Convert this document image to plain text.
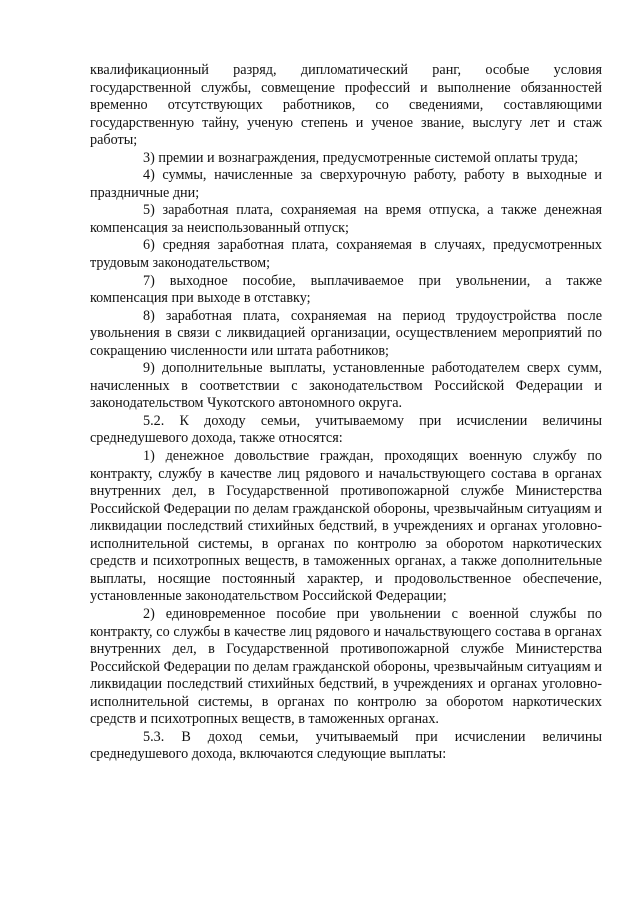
квалификационный разряд, дипломатический ранг, особые условия государственной службы, совмещение профессий и выполнение обязанностей временно отсутствующих работников, со сведениями, составляющими государственную тайну, ученую степень и ученое звание, выслугу лет и стаж работы;

3) премии и вознаграждения, предусмотренные системой оплаты труда;

4) суммы, начисленные за сверхурочную работу, работу в выходные и праздничные дни;

5) заработная плата, сохраняемая на время отпуска, а также денежная компенсация за неиспользованный отпуск;

6) средняя заработная плата, сохраняемая в случаях, предусмотренных трудовым законодательством;

7) выходное пособие, выплачиваемое при увольнении, а также компенсация при выходе в отставку;

8) заработная плата, сохраняемая на период трудоустройства после увольнения в связи с ликвидацией организации, осуществлением мероприятий по сокращению численности или штата работников;

9) дополнительные выплаты, установленные работодателем сверх сумм, начисленных в соответствии с законодательством Российской Федерации и законодательством Чукотского автономного округа.

5.2. К доходу семьи, учитываемому при исчислении величины среднедушевого дохода, также относятся:

1) денежное довольствие граждан, проходящих военную службу по контракту, службу в качестве лиц рядового и начальствующего состава в органах внутренних дел, в Государственной противопожарной службе Министерства Российской Федерации по делам гражданской обороны, чрезвычайным ситуациям и ликвидации последствий стихийных бедствий, в учреждениях и органах уголовно-исполнительной системы, в органах по контролю за оборотом наркотических средств и психотропных веществ, в таможенных органах, а также дополнительные выплаты, носящие постоянный характер, и продовольственное обеспечение, установленные законодательством Российской Федерации;

2) единовременное пособие при увольнении с военной службы по контракту, со службы в качестве лиц рядового и начальствующего состава в органах внутренних дел, в Государственной противопожарной службе Министерства Российской Федерации по делам гражданской обороны, чрезвычайным ситуациям и ликвидации последствий стихийных бедствий, в учреждениях и органах уголовно-исполнительной системы, в органах по контролю за оборотом наркотических средств и психотропных веществ, в таможенных органах.

5.3. В доход семьи, учитываемый при исчислении величины среднедушевого дохода, включаются следующие выплаты:
